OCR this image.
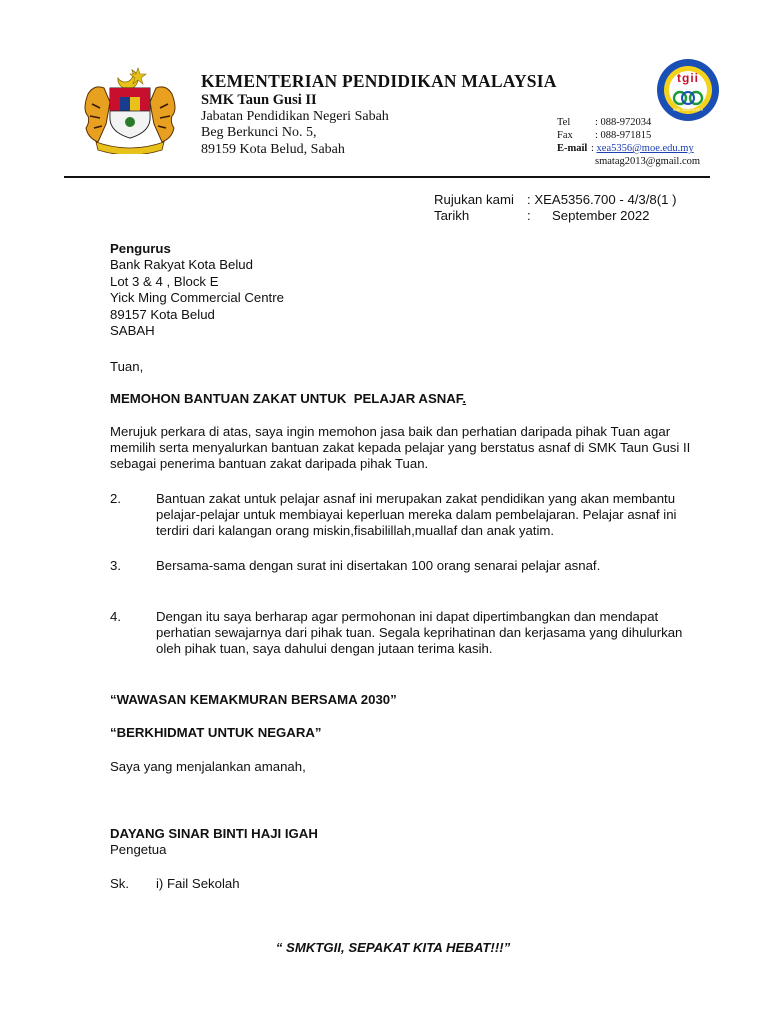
KEMENTERIAN PENDIDIKAN MALAYSIA
SMK Taun Gusi II
Jabatan Pendidikan Negeri Sabah
Beg Berkunci No. 5,
89159 Kota Belud, Sabah
Tel : 088-972034
Fax : 088-971815
E-mail : xea5356@moe.edu.my
smatag2013@gmail.com
tgii
SMK TAUN GUSI II
Rujukan kami : XEA5356.700 - 4/3/8(1 )
Tarikh	: September 2022
Pengurus
Bank Rakyat Kota Belud
Lot 3 & 4 , Block E
Yick Ming Commercial Centre
89157 Kota Belud
SABAH
Tuan,
MEMOHON BANTUAN ZAKAT UNTUK  PELAJAR ASNAF.
Merujuk perkara di atas, saya ingin memohon jasa baik dan perhatian daripada pihak Tuan agar
memilih serta menyalurkan bantuan zakat kepada pelajar yang berstatus asnaf di SMK Taun Gusi II
sebagai penerima bantuan zakat daripada pihak Tuan.
2.	Bantuan zakat untuk pelajar asnaf ini merupakan zakat pendidikan yang akan membantu
pelajar-pelajar untuk membiayai keperluan mereka dalam pembelajaran. Pelajar asnaf ini
terdiri dari kalangan orang miskin,fisabilillah,muallaf dan anak yatim.
3.	Bersama-sama dengan surat ini disertakan 100 orang senarai pelajar asnaf.
4.	Dengan itu saya berharap agar permohonan ini dapat dipertimbangkan dan mendapat
perhatian sewajarnya dari pihak tuan. Segala keprihatinan dan kerjasama yang dihulurkan
oleh pihak tuan, saya dahului dengan jutaan terima kasih.
“WAWASAN KEMAKMURAN BERSAMA 2030”
“BERKHIDMAT UNTUK NEGARA”
Saya yang menjalankan amanah,
DAYANG SINAR BINTI HAJI IGAH
Pengetua
Sk. i) Fail Sekolah
“ SMKTGII, SEPAKAT KITA HEBAT!!!”
